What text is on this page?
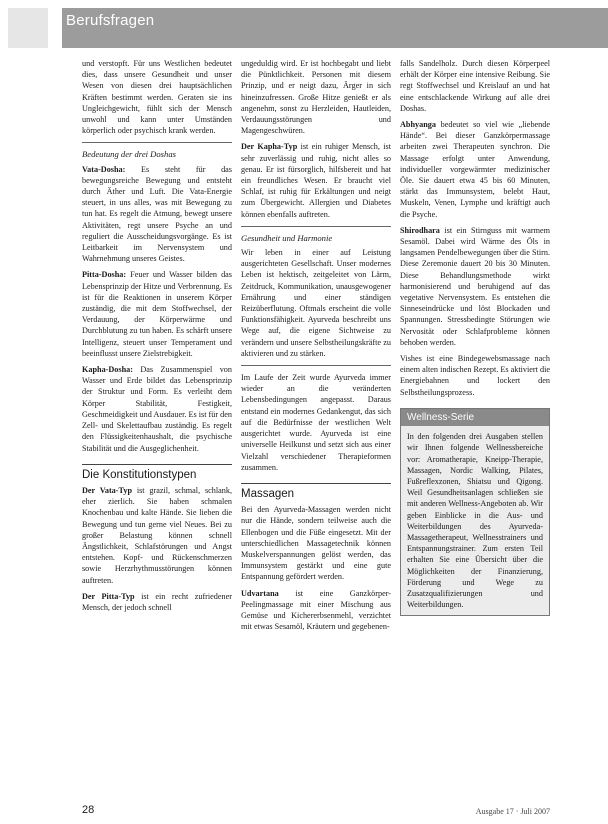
Berufsfragen

und verstopft. Für uns Westlichen bedeutet dies, dass unsere Gesundheit und unser Wesen von diesen drei hauptsächlichen Kräften bestimmt werden. Geraten sie ins Ungleichgewicht, fühlt sich der Mensch unwohl und kann unter Umständen körperlich oder psychisch krank werden.

Bedeutung der drei Doshas

Vata-Dosha: Es steht für das bewegungsreiche Bewegung und entsteht durch Äther und Luft. Die Vata-Energie steuert, in uns alles, was mit Bewegung zu tun hat. Es regelt die Atmung, bewegt unsere Aktivitäten, regt unsere Psyche an und reguliert die Ausscheidungsvorgänge. Es ist Leitbarkeit im Nervensystem und Wahrnehmung unseres Geistes.

Pitta-Dosha: Feuer und Wasser bilden das Lebensprinzip der Hitze und Verbrennung. Es ist für die Reaktionen in unserem Körper zuständig, die mit dem Stoffwechsel, der Verdauung, der Körperwärme und Durchblutung zu tun haben. Es schärft unsere Intelligenz, steuert unser Temperament und beeinflusst unsere Zielstrebigkeit.

Kapha-Dosha: Das Zusammenspiel von Wasser und Erde bildet das Lebensprinzip der Struktur und Form. Es verleiht dem Körper Stabilität, Festigkeit, Geschmeidigkeit und Ausdauer. Es ist für den Zell- und Skelettaufbau zuständig. Es regelt den Flüssigkeitenhaushalt, die psychische Stabilität und die Ausgeglichenheit.

Die Konstitutionstypen

Der Vata-Typ ist grazil, schmal, schlank, eher zierlich. Sie haben schmalen Knochenbau und kalte Hände. Sie lieben die Bewegung und tun gerne viel Neues. Bei zu großer Belastung können schnell Ängstlichkeit, Schlafstörungen und Angst entstehen. Kopf- und Rückenschmerzen sowie Herzrhythmusstörungen können auftreten.

Der Pitta-Typ ist ein recht zufriedener Mensch, der jedoch schnell

ungeduldig wird. Er ist hochbegabt und liebt die Pünktlichkeit. Personen mit diesem Prinzip, und er neigt dazu, Ärger in sich hineinzufressen. Große Hitze genießt er als angenehm, sonst zu Herzleiden, Hautleiden, Verdauungsstörungen und Magengeschwüren.

Der Kapha-Typ ist ein ruhiger Mensch, ist sehr zuverlässig und ruhig, nicht alles so genau. Er ist fürsorglich, hilfsbereit und hat ein freundliches Wesen. Er braucht viel Schlaf, ist ruhig für Erkältungen und neigt zum Übergewicht. Allergien und Diabetes können ebenfalls auftreten.

Gesundheit und Harmonie

Wir leben in einer auf Leistung ausgerichteten Gesellschaft. Unser modernes Leben ist hektisch, zeitgeleitet von Lärm, Zeitdruck, Kommunikation, unausgewogener Ernährung und einer ständigen Reizüberflutung. Oftmals erscheint die volle Funktionsfähigkeit. Ayurveda beschreibt uns Wege auf, die eigene Sichtweise zu verändern und unsere Selbstheilungskräfte zu aktivieren und zu stärken.

Im Laufe der Zeit wurde Ayurveda immer wieder an die veränderten Lebensbedingungen angepasst. Daraus entstand ein modernes Gedankengut, das sich auf die Bedürfnisse der westlichen Welt ausgerichtet wurde. Ayurveda ist eine universelle Heilkunst und setzt sich aus einer Vielzahl verschiedener Therapieformen zusammen.

Massagen

Bei den Ayurveda-Massagen werden nicht nur die Hände, sondern teilweise auch die Ellenbogen und die Füße eingesetzt. Mit der unterschiedlichen Massagetechnik können Muskelverspannungen gelöst werden, das Immunsystem gestärkt und eine gute Entspannung gefördert werden.

Udvartana ist eine Ganzkörper-Peelingmassage mit einer Mischung aus Gemüse und Kichererbsenmehl, verzichtet mit etwas Sesamöl, Kräutern und gegebenen-

falls Sandelholz. Durch diesen Körperpeel erhält der Körper eine intensive Reibung. Sie regt Stoffwechsel und Kreislauf an und hat eine entschlackende Wirkung auf alle drei Doshas.

Abhyanga bedeutet so viel wie „liebende Hände“. Bei dieser Ganzkörpermassage arbeiten zwei Therapeuten synchron. Die Massage erfolgt unter Anwendung, individueller vorgewärmter medizinischer Öle. Sie dauert etwa 45 bis 60 Minuten, stärkt das Immunsystem, belebt Haut, Muskeln, Venen, Lymphe und kräftigt auch die Psyche.

Shirodhara ist ein Stirnguss mit warmem Sesamöl. Dabei wird Wärme des Öls in langsamen Pendelbewegungen über die Stirn. Diese Zeremonie dauert 20 bis 30 Minuten. Diese Behandlungsmethode wirkt harmonisierend und beruhigend auf das vegetative Nervensystem. Es entstehen die Sinneseindrücke und löst Blockaden und Spannungen. Stressbedingte Störungen wie Nervosität oder Schlafprobleme können behoben werden.

Vishes ist eine Bindegewebsmassage nach einem alten indischen Rezept. Es aktiviert die Energiebahnen und lockert den Selbstheilungsprozess.

Wellness-Serie
In den folgenden drei Ausgaben stellen wir Ihnen folgende Wellnessbereiche vor: Aromatherapie, Kneipp-Therapie, Massagen, Nordic Walking, Pilates, Fußreflexzonen, Shiatsu und Qigong. Weil Gesundheitsanlagen schließen sie mit anderen Wellness-Angeboten ab. Wir geben Einblicke in die Aus- und Weiterbildungen des Ayurveda-Massagetherapeut, Wellnesstrainers und Entspannungstrainer. Zum ersten Teil erhalten Sie eine Übersicht über die Möglichkeiten der Finanzierung, Förderung und Wege zu Zusatzqualifizierungen und Weiterbildungen.
28	Ausgabe 17 · Juli 2007
